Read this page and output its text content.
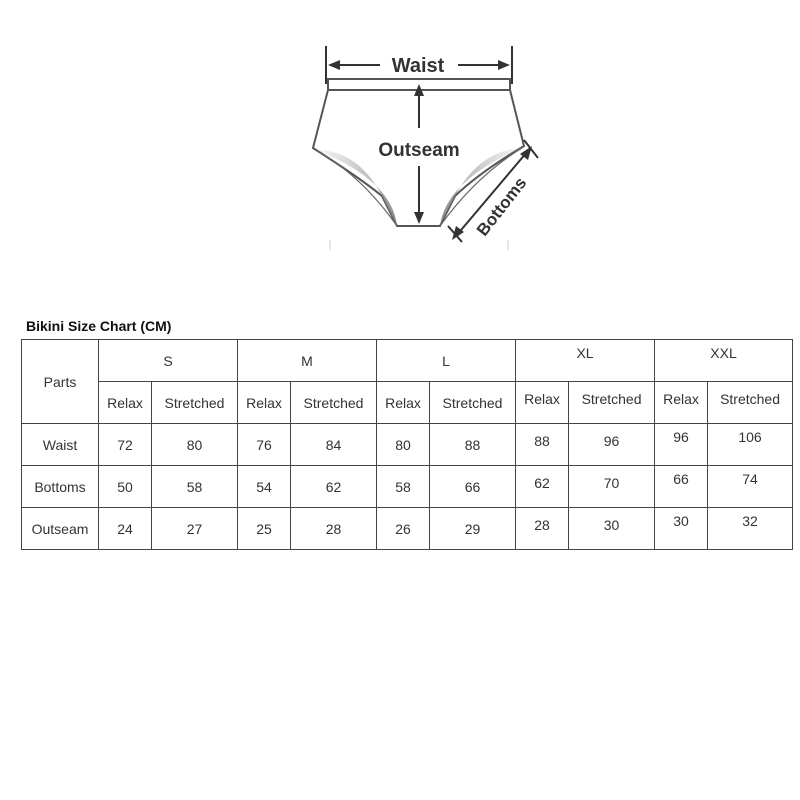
Waist
Outseam
Bottoms
Bikini Size Chart (CM)
Parts	S		M		L		XL		XXL	
	Relax	Stretched	Relax	Stretched	Relax	Stretched	Relax	Stretched	Relax	Stretched
Waist	72	80	76	84	80	88	88	96	96	106
Bottoms	50	58	54	62	58	66	62	70	66	74
Outseam	24	27	25	28	26	29	28	30	30	32
